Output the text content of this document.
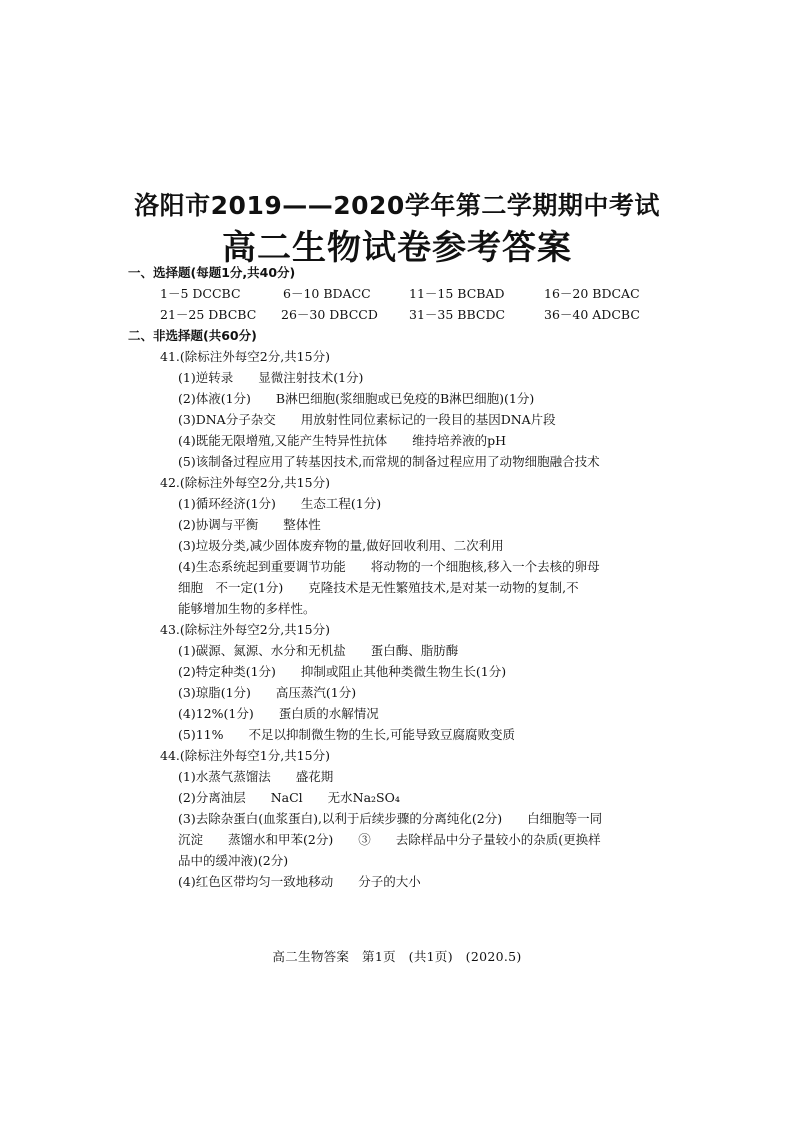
洛阳市2019——2020学年第二学期期中考试
高二生物试卷参考答案
一、选择题(每题1分,共40分)
1－5 DCCBC	6－10 BDACC	11－15 BCBAD	16－20 BDCAC
21－25 DBCBC 26－30 DBCCD 31－35 BBCDC	36－40 ADCBC
二、非选择题(共60分)
41.(除标注外每空2分,共15分)
(1)逆转录　　显微注射技术(1分)
(2)体液(1分)　　B淋巴细胞(浆细胞或已免疫的B淋巴细胞)(1分)
(3)DNA分子杂交　　用放射性同位素标记的一段目的基因DNA片段
(4)既能无限增殖,又能产生特异性抗体　　维持培养液的pH
(5)该制备过程应用了转基因技术,而常规的制备过程应用了动物细胞融合技术
42.(除标注外每空2分,共15分)
(1)循环经济(1分)　　生态工程(1分)
(2)协调与平衡　　整体性
(3)垃圾分类,减少固体废弃物的量,做好回收利用、二次利用
(4)生态系统起到重要调节功能　　将动物的一个细胞核,移入一个去核的卵母
细胞　不一定(1分)　　克隆技术是无性繁殖技术,是对某一动物的复制,不
能够增加生物的多样性。
43.(除标注外每空2分,共15分)
(1)碳源、氮源、水分和无机盐　　蛋白酶、脂肪酶
(2)特定种类(1分)　　抑制或阻止其他种类微生物生长(1分)
(3)琼脂(1分)　　高压蒸汽(1分)
(4)12%(1分)　　蛋白质的水解情况
(5)11%　　不足以抑制微生物的生长,可能导致豆腐腐败变质
44.(除标注外每空1分,共15分)
(1)水蒸气蒸馏法　　盛花期
(2)分离油层　　NaCl　　无水Na₂SO₄
(3)去除杂蛋白(血浆蛋白),以利于后续步骤的分离纯化(2分)　　白细胞等一同
沉淀　　蒸馏水和甲苯(2分)　　③　　去除样品中分子量较小的杂质(更换样
品中的缓冲液)(2分)
(4)红色区带均匀一致地移动　　分子的大小
高二生物答案　第1页　(共1页)　(2020.5)
